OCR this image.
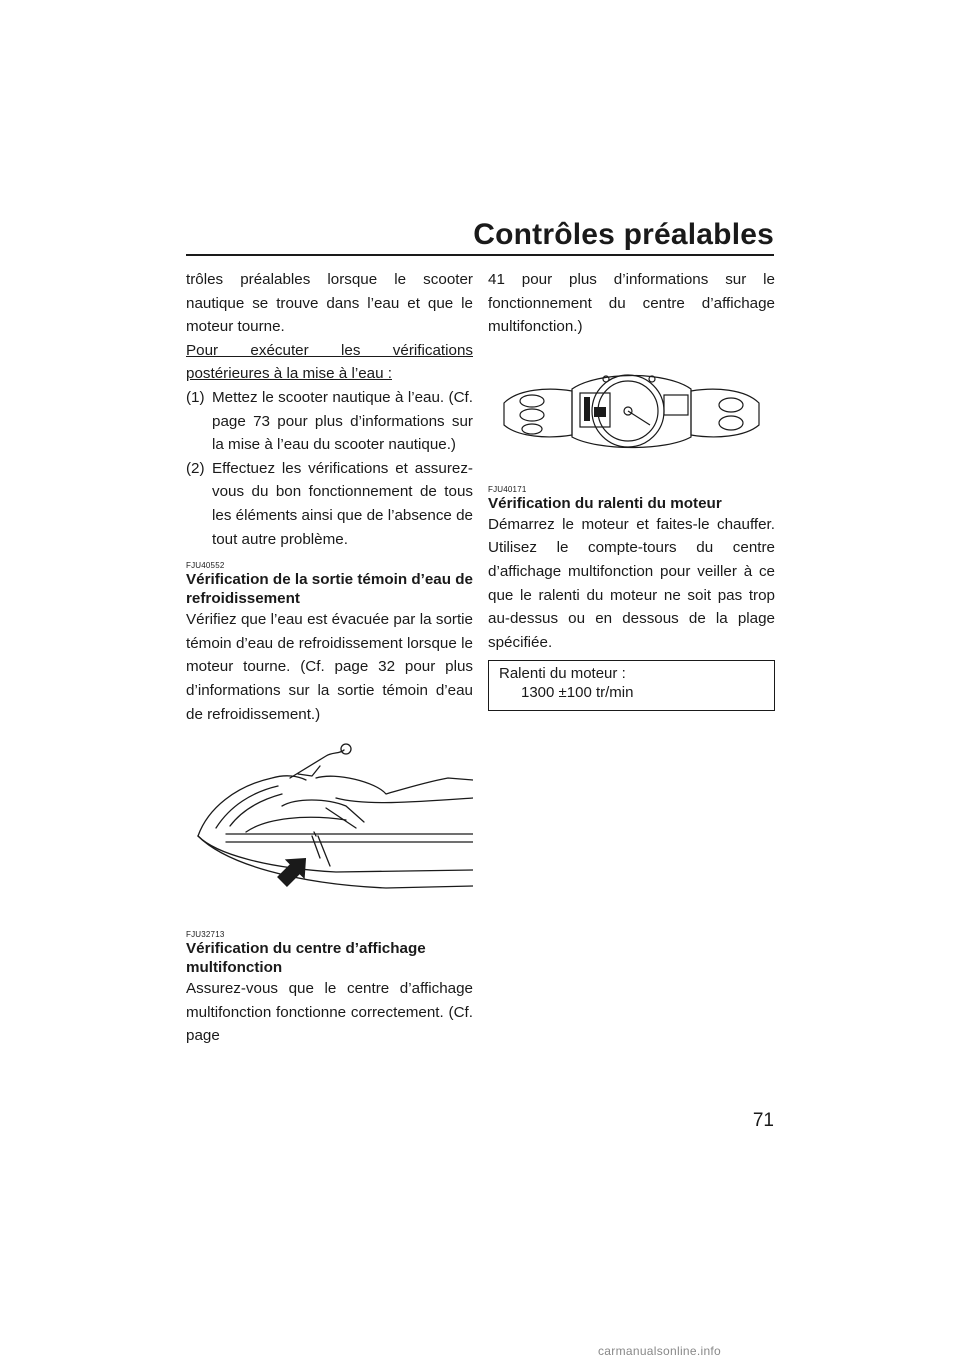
Contrôles préalables

trôles préalables lorsque le scooter nautique se trouve dans l’eau et que le moteur tourne.

Pour exécuter les vérifications postérieures à la mise à l’eau :

(1) Mettez le scooter nautique à l’eau. (Cf. page 73 pour plus d’informations sur la mise à l’eau du scooter nautique.)
(2) Effectuez les vérifications et assurez-vous du bon fonctionnement de tous les éléments ainsi que de l’absence de tout autre problème.
FJU40552
Vérification de la sortie témoin d’eau de refroidissement

Vérifiez que l’eau est évacuée par la sortie témoin d’eau de refroidissement lorsque le moteur tourne. (Cf. page 32 pour plus d’informations sur la sortie témoin d’eau de refroidissement.)

FJU32713
Vérification du centre d’affichage multifonction

Assurez-vous que le centre d’affichage multifonction fonctionne correctement. (Cf. page

41 pour plus d’informations sur le fonctionnement du centre d’affichage multifonction.)

FJU40171
Vérification du ralenti du moteur

Démarrez le moteur et faites-le chauffer. Utilisez le compte-tours du centre d’affichage multifonction pour veiller à ce que le ralenti du moteur ne soit pas trop au-dessus ou en dessous de la plage spécifiée.

Ralenti du moteur :
1300 ±100 tr/min
71
carmanualsonline.info
